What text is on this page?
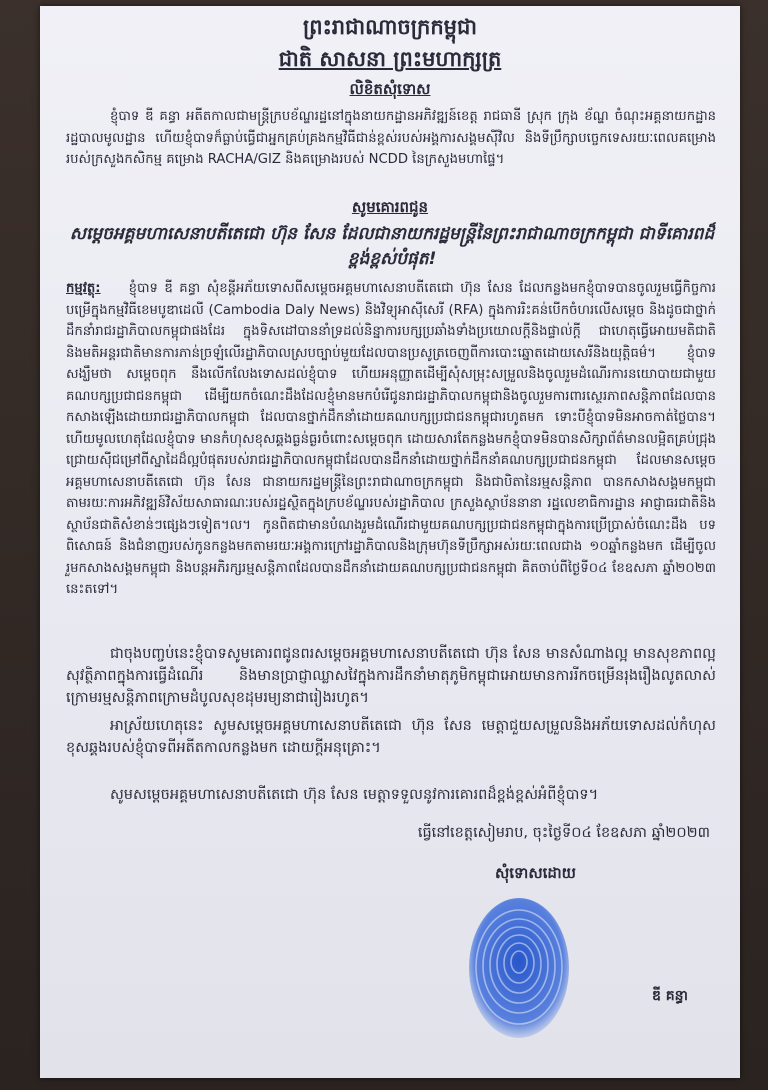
ព្រះរាជាណាចក្រកម្ពុជា
ជាតិ សាសនា ព្រះមហាក្សត្រ
លិខិតសុំទោស
ខ្ញុំបាទ ឌី គន្ធា អតីតកាលជាមន្ត្រីក្របខ័ណ្ឌរដ្ឋនៅក្នុងនាយកដ្ឋានអភិវឌ្ឍន៍ខេត្ត រាជធានី ស្រុក ក្រុង ខ័ណ្ឌ ចំណុះអគ្គនាយកដ្ឋានរដ្ឋបាលមូលដ្ឋាន ហើយខ្ញុំបាទក៏ធ្លាប់ធ្វើជាអ្នកគ្រប់គ្រងកម្មវិធីជាន់ខ្ពស់របស់អង្គការសង្គមស៊ីវិល និងទីប្រឹក្សាបច្ចេកទេសរយៈពេលគម្រោងរបស់ក្រសួងកសិកម្ម គម្រោង RACHA/GIZ និងគម្រោងរបស់ NCDD នៃក្រសួងមហាផ្ទៃ។
សូមគោរពជូន
សម្តេចអគ្គមហាសេនាបតីតេជោ ហ៊ុន សែន ដែលជានាយករដ្ឋមន្ត្រីនៃព្រះរាជាណាចក្រកម្ពុជា ជាទីគោរពដ៏ខ្ពង់ខ្ពស់បំផុត!
កម្មវត្ថុ: ខ្ញុំបាទ ឌី គន្ធា សុំខន្តីអភ័យទោសពីសម្តេចអគ្គមហាសេនាបតីតេជោ ហ៊ុន សែន ដែលកន្លងមកខ្ញុំបាទបានចូលរួមធ្វើកិច្ចការបម្រើក្នុងកម្មវិធីខេមបូឌាដេលី (Cambodia Daly News) និងវិទ្យុអាស៊ីសេរី (RFA) ក្នុងការរិះគន់បើកចំហរលើសម្តេច និងដូចជាថ្នាក់ដឹកនាំរាជរដ្ឋាភិបាលកម្ពុជាផងដែរ ក្នុងទិសដៅបាននាំទ្រដល់និន្នាការបក្សប្រឆាំងទាំងប្រយោលក្តីនិងផ្ទាល់ក្តី ជាហេតុធ្វើអោយមតិជាតិនិងមតិអន្តរជាតិមានការភាន់ច្រឡំលើរដ្ឋាភិបាលស្របច្បាប់មួយដែលបានប្រសូត្រចេញពីការបោះឆ្នោតដោយសេរីនិងយុត្តិធម៌។ ខ្ញុំបាទសង្ឃឹមថា សម្តេចពុក នឹងលើកលែងទោសដល់ខ្ញុំបាទ ហើយអនុញ្ញាតដើម្បីសុំសម្រុះសម្រួលនិងចូលរួមដំណើរការនយោបាយជាមួយគណបក្សប្រជាជនកម្ពុជា ដើម្បីយកចំណេះដឹងដែលខ្ញុំមានមកបំរើជូនរាជរដ្ឋាភិបាលកម្ពុជានិងចូលរួមការពារស្ថេរភាពសន្តិភាពដែលបានកសាងឡើងដោយរាជរដ្ឋាភិបាលកម្ពុជា ដែលបានថ្នាក់ដឹកនាំដោយគណបក្សប្រជាជនកម្ពុជារហូតមក ទោះបីខ្ញុំបាទមិនអាចកាត់ថ្លៃបាន។ ហើយមូលហេតុដែលខ្ញុំបាទ មានកំហុសខុសឆ្គងធ្ងន់ធ្ងរចំពោះសម្តេចពុក ដោយសារតែកន្លងមកខ្ញុំបាទមិនបានសិក្សាព័ត៌មានលម្អិតគ្រប់ជ្រុងជ្រោយស៊ីជម្រៅពីស្នាដៃដ៏ល្អបំផុតរបស់រាជរដ្ឋាភិបាលកម្ពុជាដែលបានដឹកនាំដោយថ្នាក់ដឹកនាំគណបក្សប្រជាជនកម្ពុជា ដែលមានសម្តេចអគ្គមហាសេនាបតីតេជោ ហ៊ុន សែន ជានាយករដ្ឋមន្ត្រីនៃព្រះរាជាណាចក្រកម្ពុជា និងជាបិតានៃរម្មសន្តិភាព បានកសាងសង្គមកម្ពុជាតាមរយៈការអភិវឌ្ឍន៍វិស័យសាធារណៈរបស់រដ្ឋស្ថិតក្នុងក្របខ័ណ្ឌរបស់រដ្ឋាភិបាល ក្រសួងស្ថាប័ននានា រដ្ឋលេខាធិការដ្ឋាន អាជ្ញាធរជាតិនិងស្ថាប័នជាតិសំខាន់ៗផ្សេងៗទៀត។ល។ កូនពិតជាមានបំណងរួមដំណើរជាមួយគណបក្សប្រជាជនកម្ពុជាក្នុងការប្រើប្រាស់ចំណេះដឹង បទពិសោធន៍ និងជំនាញរបស់កូនកន្លងមកតាមរយៈអង្គការក្រៅរដ្ឋាភិបាលនិងក្រុមហ៊ុនទីប្រឹក្សាអស់រយៈពេលជាង ១០ឆ្នាំកន្លងមក ដើម្បីចូលរួមកសាងសង្គមកម្ពុជា និងបន្តអភិរក្សរម្មសន្តិភាពដែលបានដឹកនាំដោយគណបក្សប្រជាជនកម្ពុជា គិតចាប់ពីថ្ងៃទី០៤ ខែឧសភា ឆ្នាំ២០២៣ នេះតទៅ។
ជាចុងបញ្ចប់នេះខ្ញុំបាទសូមគោរពជូនពរសម្តេចអគ្គមហាសេនាបតីតេជោ ហ៊ុន សែន មានសំណាងល្អ មានសុខភាពល្អ សុវត្ថិភាពក្នុងការធ្វើដំណើរ និងមានប្រាជ្ញាឈ្លាសវៃក្នុងការដឹកនាំមាតុភូមិកម្ពុជាអោយមានការរីកចម្រើនរុងរឿងលូតលាស់ក្រោមរម្មសន្តិភាពក្រោមដំបូលសុខដុមរម្យនាជារៀងរហូត។
អាស្រ័យហេតុនេះ សូមសម្តេចអគ្គមហាសេនាបតីតេជោ ហ៊ុន សែន មេត្តាជួយសម្រួលនិងអភ័យទោសដល់កំហុសខុសឆ្គងរបស់ខ្ញុំបាទពីអតីតកាលកន្លងមក ដោយក្តីអនុគ្រោះ។
សូមសម្តេចអគ្គមហាសេនាបតីតេជោ ហ៊ុន សែន មេត្តាទទួលនូវការគោរពដ៏ខ្ពង់ខ្ពស់អំពីខ្ញុំបាទ។
ធ្វើនៅខេត្តសៀមរាប, ចុះថ្ងៃទី០៤ ខែឧសភា ឆ្នាំ២០២៣
សុំទោសដោយ
ឌី គន្ធា
